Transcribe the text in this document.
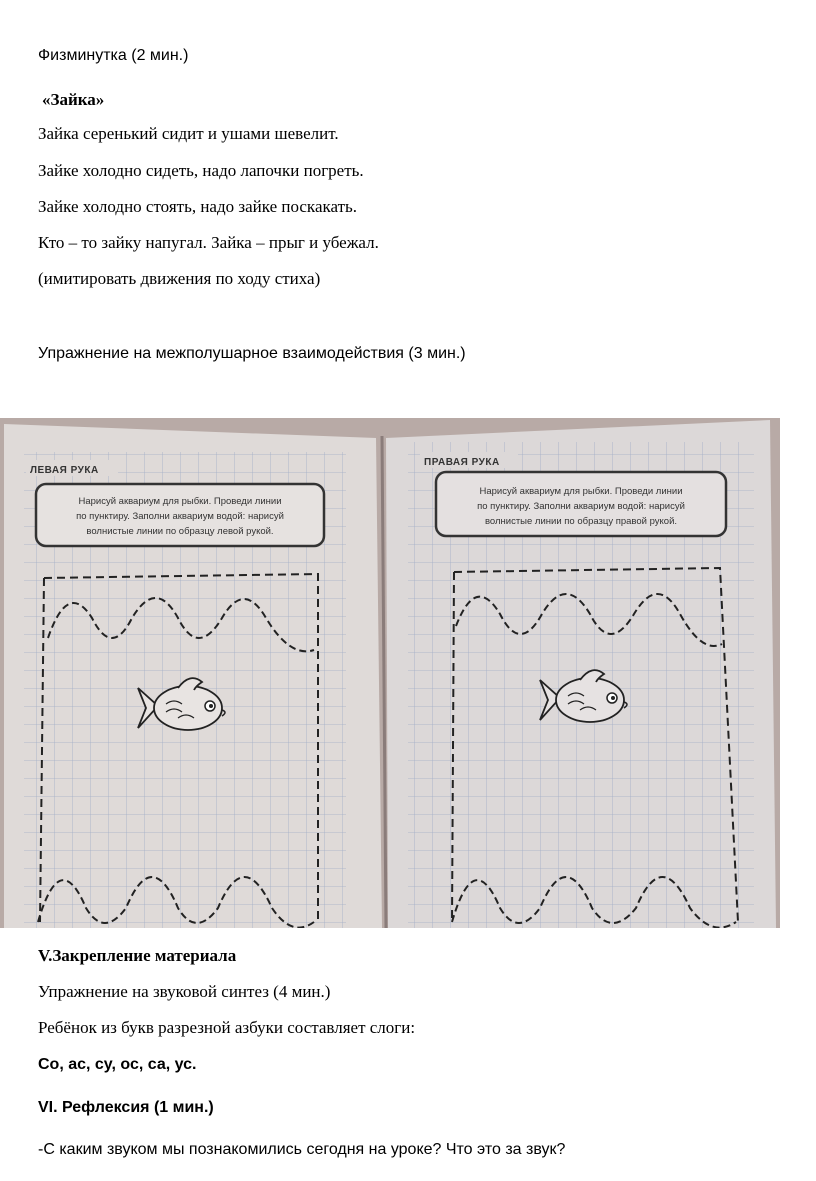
Физминутка (2 мин.)
«Зайка»
Зайка серенький сидит и ушами шевелит.
Зайке холодно сидеть, надо лапочки погреть.
Зайке холодно стоять, надо зайке поскакать.
Кто – то зайку напугал. Зайка – прыг и убежал.
(имитировать движения по ходу стиха)
Упражнение на межполушарное взаимодействия (3 мин.)
ЛЕВАЯ РУКА
Нарисуй аквариум для рыбки. Проведи линии
по пунктиру. Заполни аквариум водой: нарисуй
волнистые линии по образцу левой рукой.
ПРАВАЯ РУКА
Нарисуй аквариум для рыбки. Проведи линии
по пунктиру. Заполни аквариум водой: нарисуй
волнистые линии по образцу правой рукой.
V.Закрепление материала
Упражнение на звуковой синтез (4 мин.)
Ребёнок из букв разрезной азбуки составляет слоги:
Со, ас, су, ос, са, ус.
VI. Рефлексия (1 мин.)
-С каким звуком мы познакомились сегодня на уроке? Что это за звук?
